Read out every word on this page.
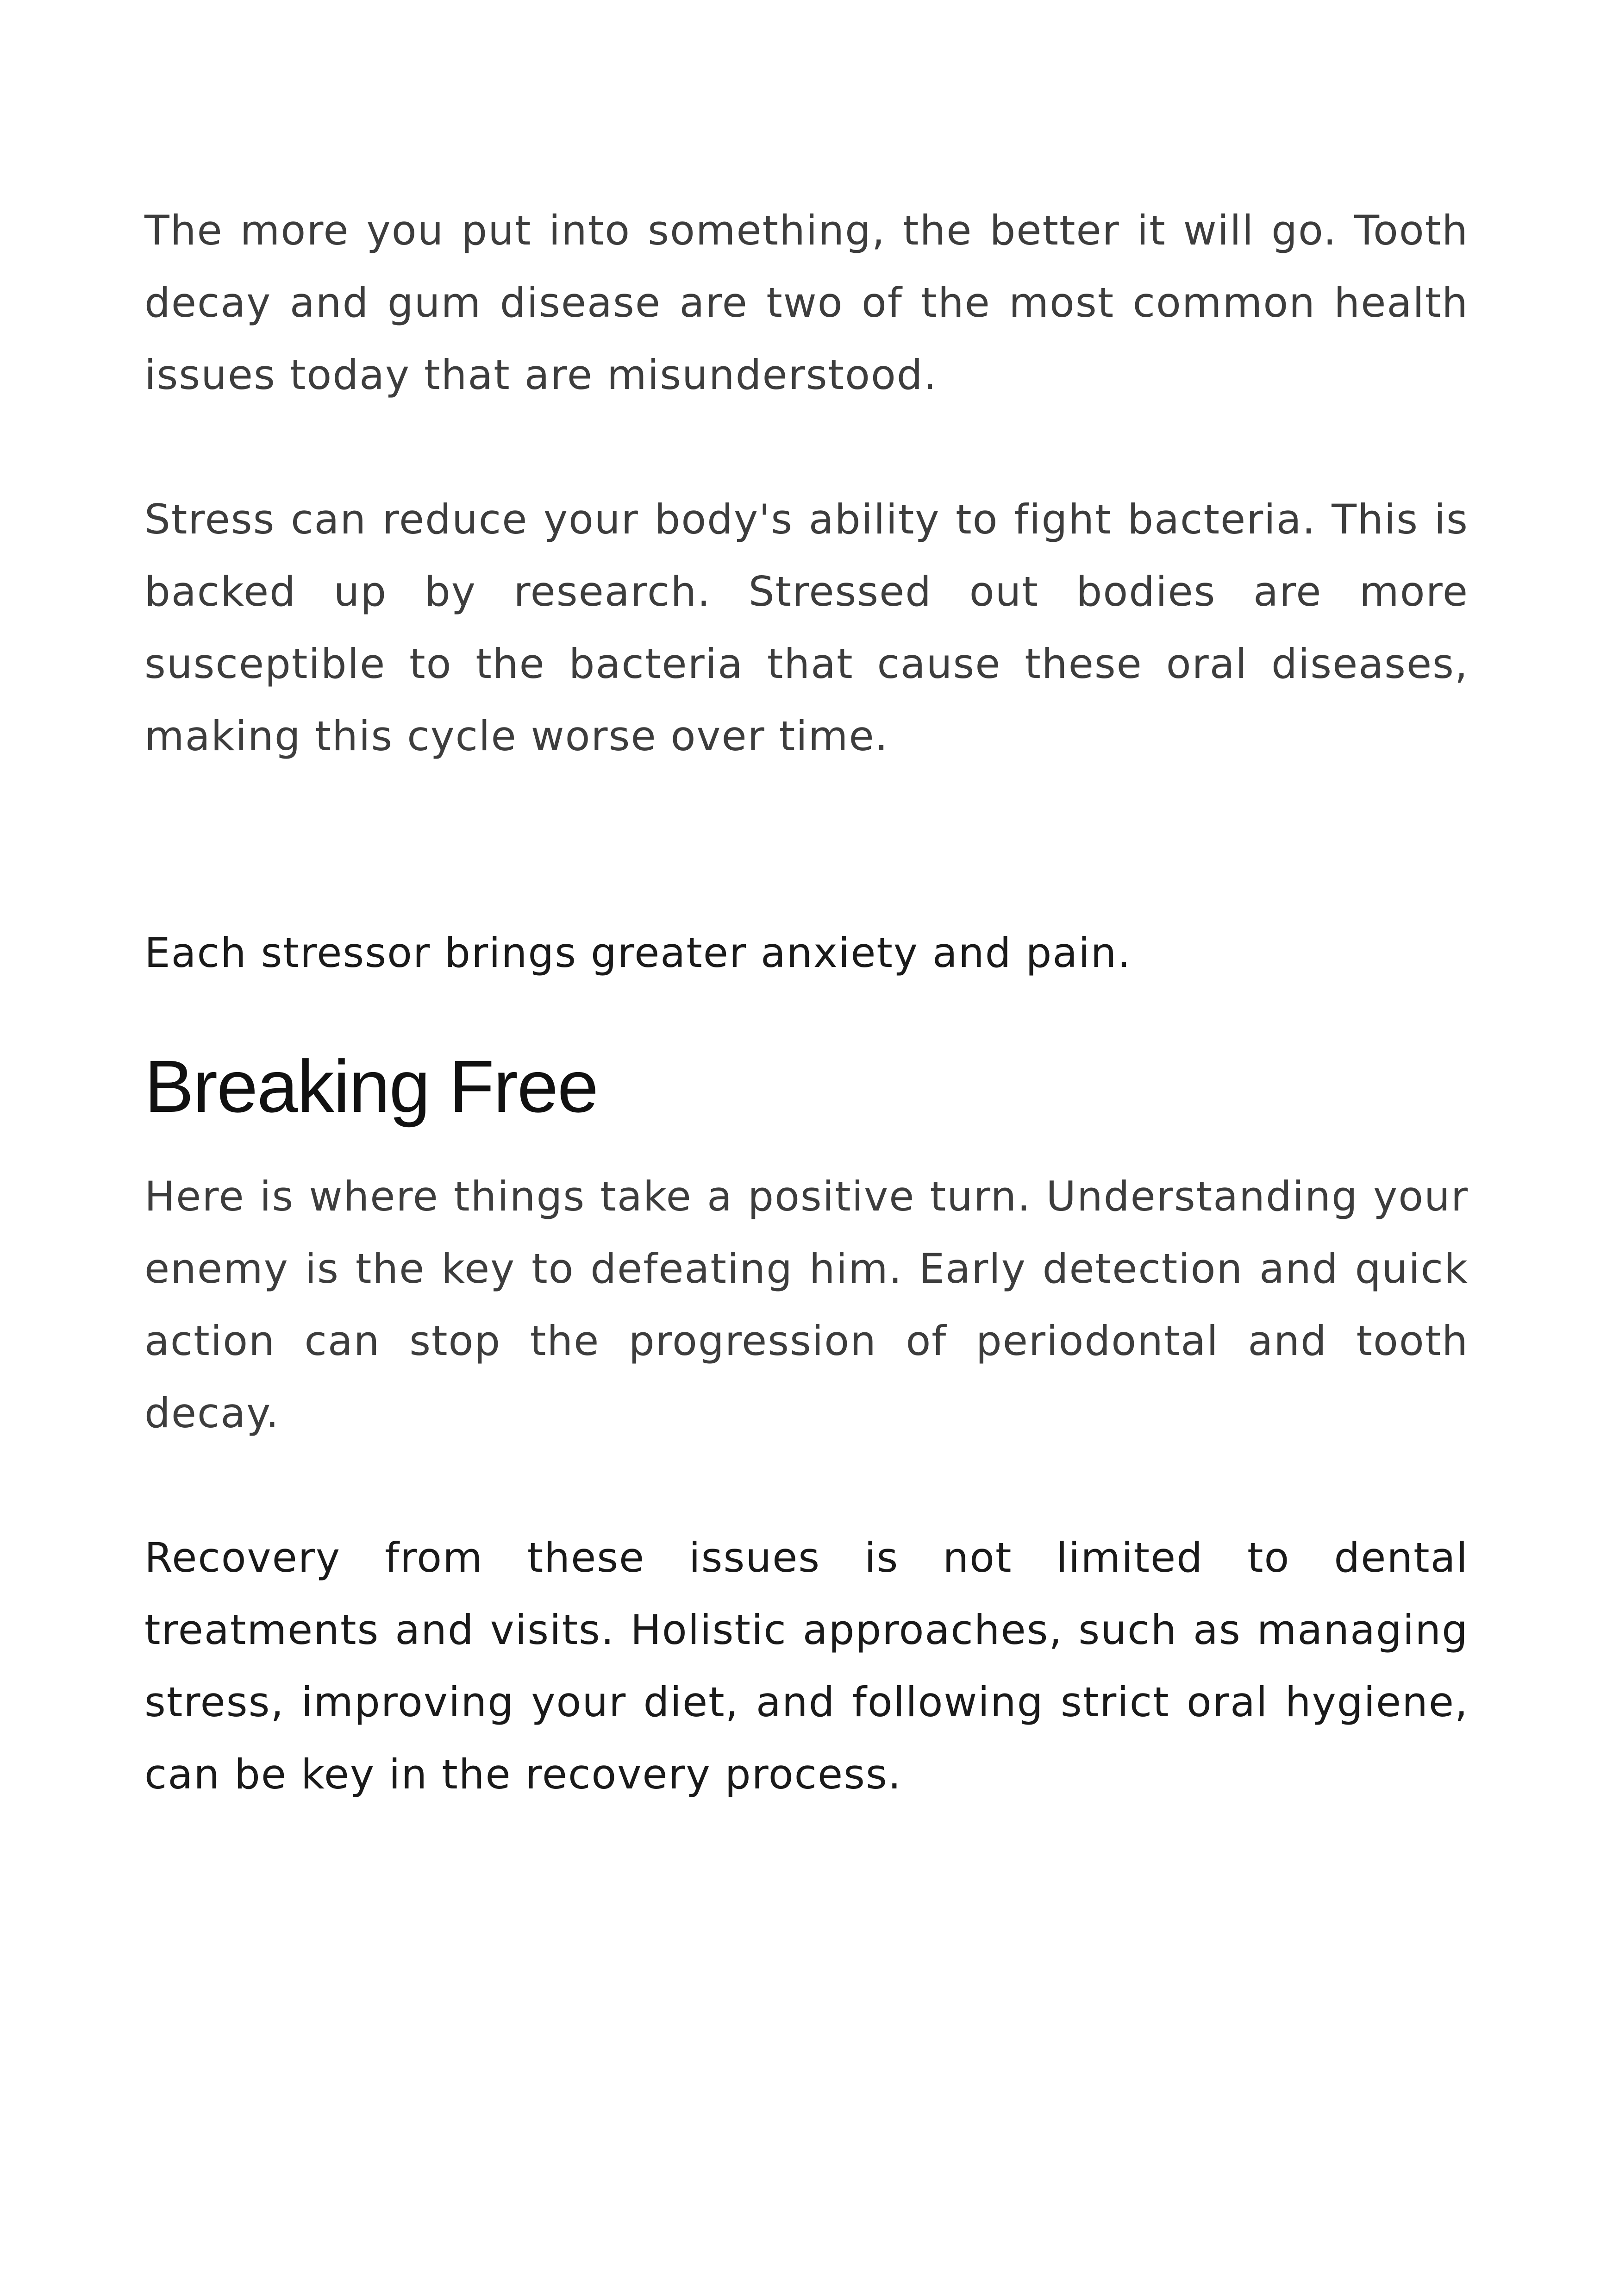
The more you put into something, the better it will go. Tooth decay and gum disease are two of the most common health issues today that are misunderstood.

Stress can reduce your body's ability to fight bacteria. This is backed up by research. Stressed out bodies are more susceptible to the bacteria that cause these oral diseases, making this cycle worse over time.

Each stressor brings greater anxiety and pain.

Breaking Free

Here is where things take a positive turn. Understanding your enemy is the key to defeating him. Early detection and quick action can stop the progression of periodontal and tooth decay.

Recovery from these issues is not limited to dental treatments and visits. Holistic approaches, such as managing stress, improving your diet, and following strict oral hygiene, can be key in the recovery process.
